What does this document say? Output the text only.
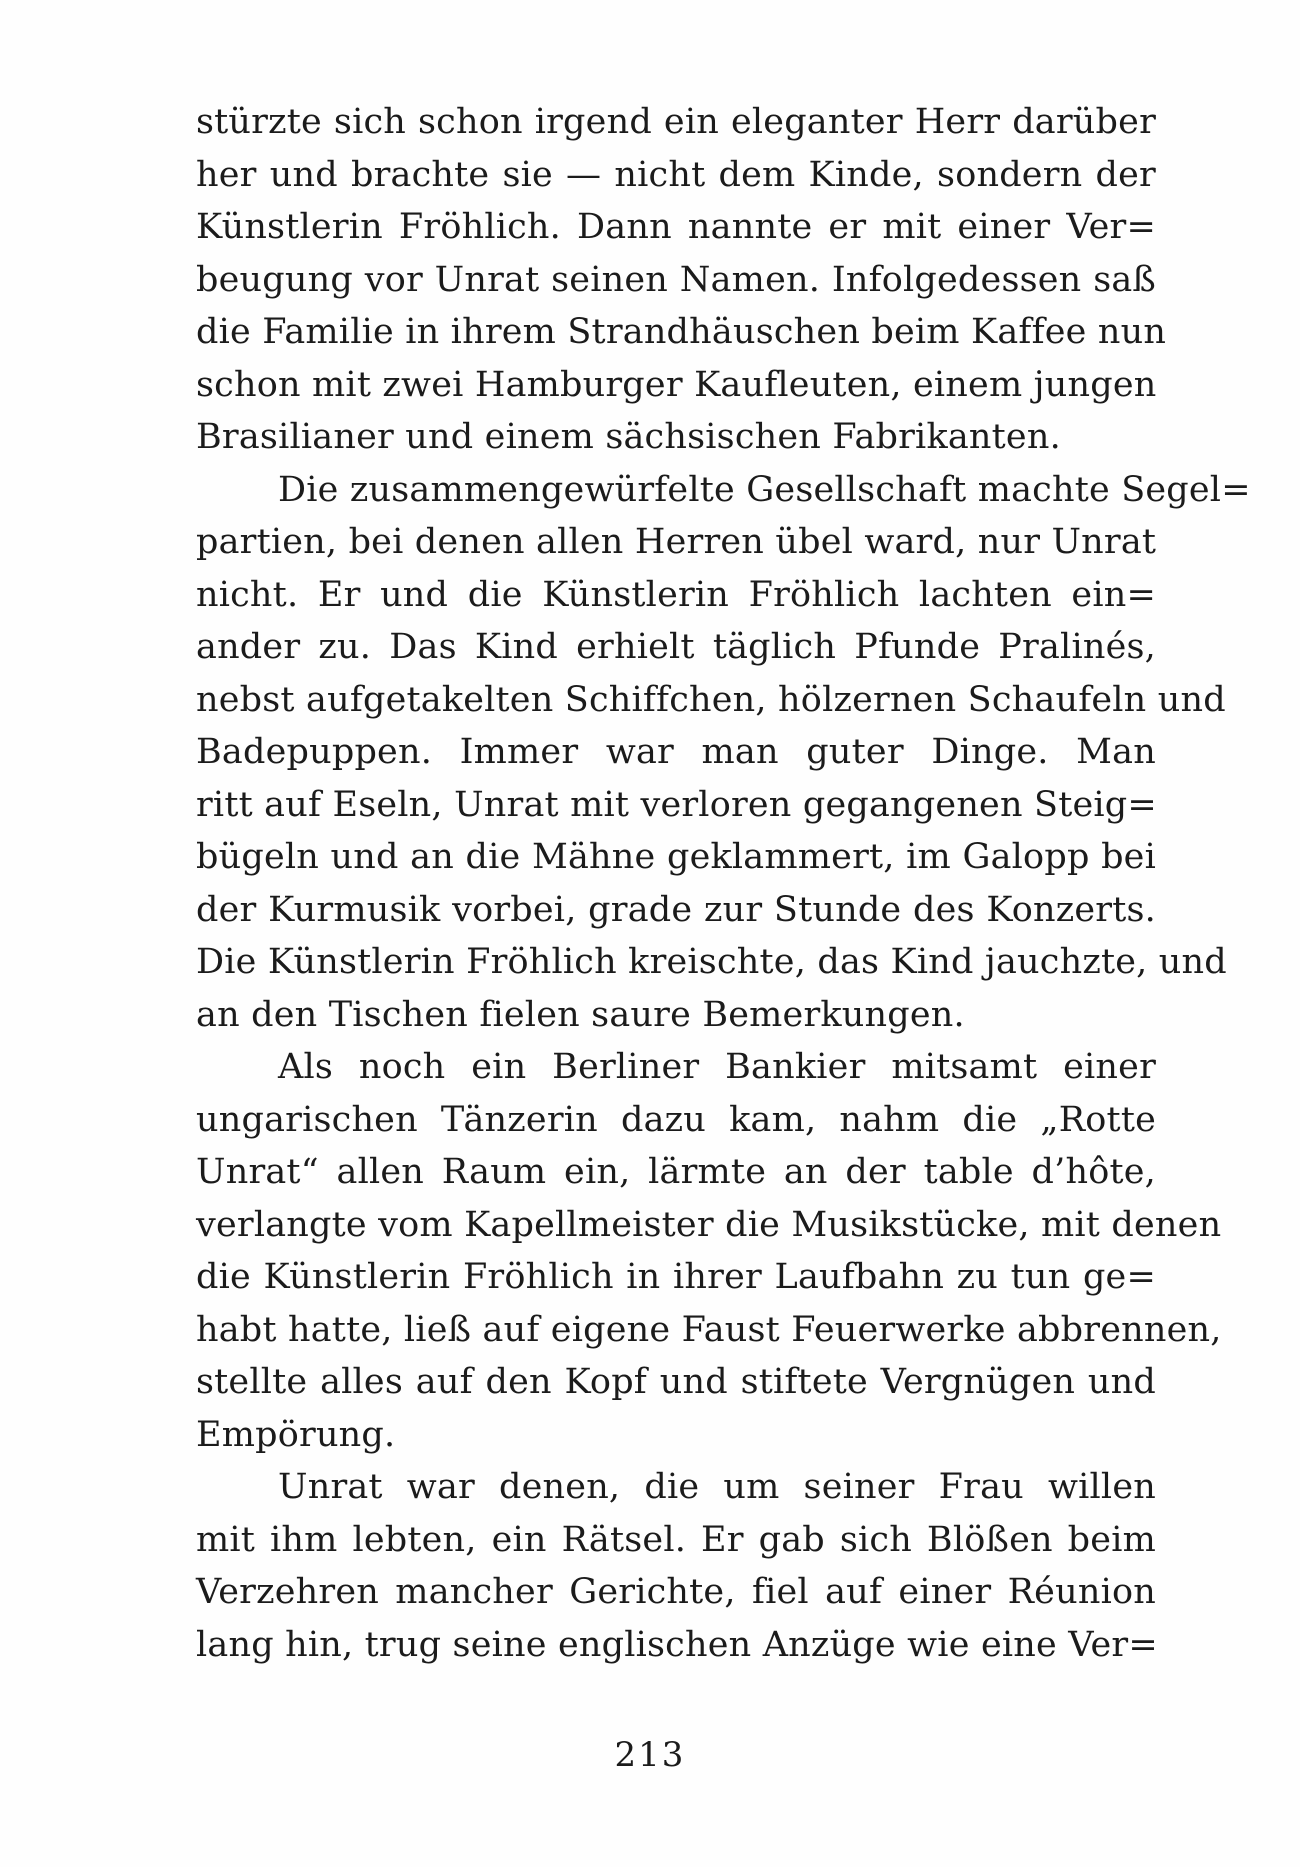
stürzte sich schon irgend ein eleganter Herr darüber
her und brachte sie — nicht dem Kinde, sondern der
Künstlerin Fröhlich. Dann nannte er mit einer Ver=
beugung vor Unrat seinen Namen. Infolgedessen saß
die Familie in ihrem Strandhäuschen beim Kaffee nun
schon mit zwei Hamburger Kaufleuten, einem jungen
Brasilianer und einem sächsischen Fabrikanten.
Die zusammengewürfelte Gesellschaft machte Segel=
partien, bei denen allen Herren übel ward, nur Unrat
nicht. Er und die Künstlerin Fröhlich lachten ein=
ander zu. Das Kind erhielt täglich Pfunde Pralinés,
nebst aufgetakelten Schiffchen, hölzernen Schaufeln und
Badepuppen. Immer war man guter Dinge. Man
ritt auf Eseln, Unrat mit verloren gegangenen Steig=
bügeln und an die Mähne geklammert, im Galopp bei
der Kurmusik vorbei, grade zur Stunde des Konzerts.
Die Künstlerin Fröhlich kreischte, das Kind jauchzte, und
an den Tischen fielen saure Bemerkungen.
Als noch ein Berliner Bankier mitsamt einer
ungarischen Tänzerin dazu kam, nahm die „Rotte
Unrat“ allen Raum ein, lärmte an der table d’hôte,
verlangte vom Kapellmeister die Musikstücke, mit denen
die Künstlerin Fröhlich in ihrer Laufbahn zu tun ge=
habt hatte, ließ auf eigene Faust Feuerwerke abbrennen,
stellte alles auf den Kopf und stiftete Vergnügen und
Empörung.
Unrat war denen, die um seiner Frau willen
mit ihm lebten, ein Rätsel. Er gab sich Blößen beim
Verzehren mancher Gerichte, fiel auf einer Réunion
lang hin, trug seine englischen Anzüge wie eine Ver=
213
